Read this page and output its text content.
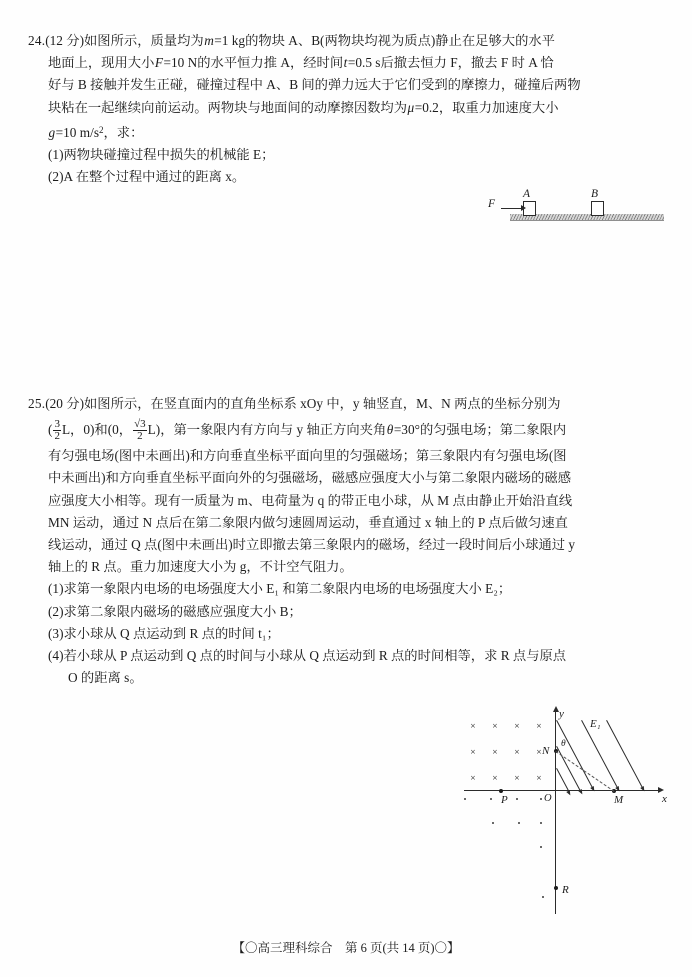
24.(12 分)如图所示，质量均为m=1 kg的物块 A、B(两物块均视为质点)静止在足够大的水平
地面上，现用大小F=10 N的水平恒力推 A，经时间t=0.5 s后撤去恒力 F，撤去 F 时 A 恰
好与 B 接触并发生正碰，碰撞过程中 A、B 间的弹力远大于它们受到的摩擦力，碰撞后两物
块粘在一起继续向前运动。两物块与地面间的动摩擦因数均为μ=0.2，取重力加速度大小
g=10 $m/s^2$，求：
(1)两物块碰撞过程中损失的机械能 E；
(2)A 在整个过程中通过的距离 x。
F
A	B
25.(20 分)如图所示，在竖直面内的直角坐标系 xOy 中，y 轴竖直，M、N 两点的坐标分别为
( $\frac{3}{2}$ L，0)和(0， $\frac{√3}{2} L$)，第一象限内有方向与 y 轴正方向夹角θ=30°的匀强电场；第二象限内
有匀强电场(图中未画出)和方向垂直坐标平面向里的匀强磁场；第三象限内有匀强电场(图
中未画出)和方向垂直坐标平面向外的匀强磁场，磁感应强度大小与第二象限内磁场的磁感
应强度大小相等。现有一质量为 m、电荷量为 q 的带正电小球，从 M 点由静止开始沿直线
MN 运动，通过 N 点后在第二象限内做匀速圆周运动，垂直通过 x 轴上的 P 点后做匀速直
线运动，通过 Q 点(图中未画出)时立即撤去第三象限内的磁场，经过一段时间后小球通过 y
轴上的 R 点。重力加速度大小为 g，不计空气阻力。
(1)求第一象限内电场的电场强度大小 E₁ 和第二象限内电场的电场强度大小 E₂；
(2)求第二象限内磁场的磁感应强度大小 B；
(3)求小球从 Q 点运动到 R 点的时间 t₁；
(4)若小球从 P 点运动到 Q 点的时间与小球从 Q 点运动到 R 点的时间相等，求 R 点与原点
O 的距离 s。
x
y
O	M
P
N
R
E₁
θ
×
×
×
×
×
×
×
×
×
×
×
×
【〇高三理科综合　第 6 页(共 14 页)〇】
